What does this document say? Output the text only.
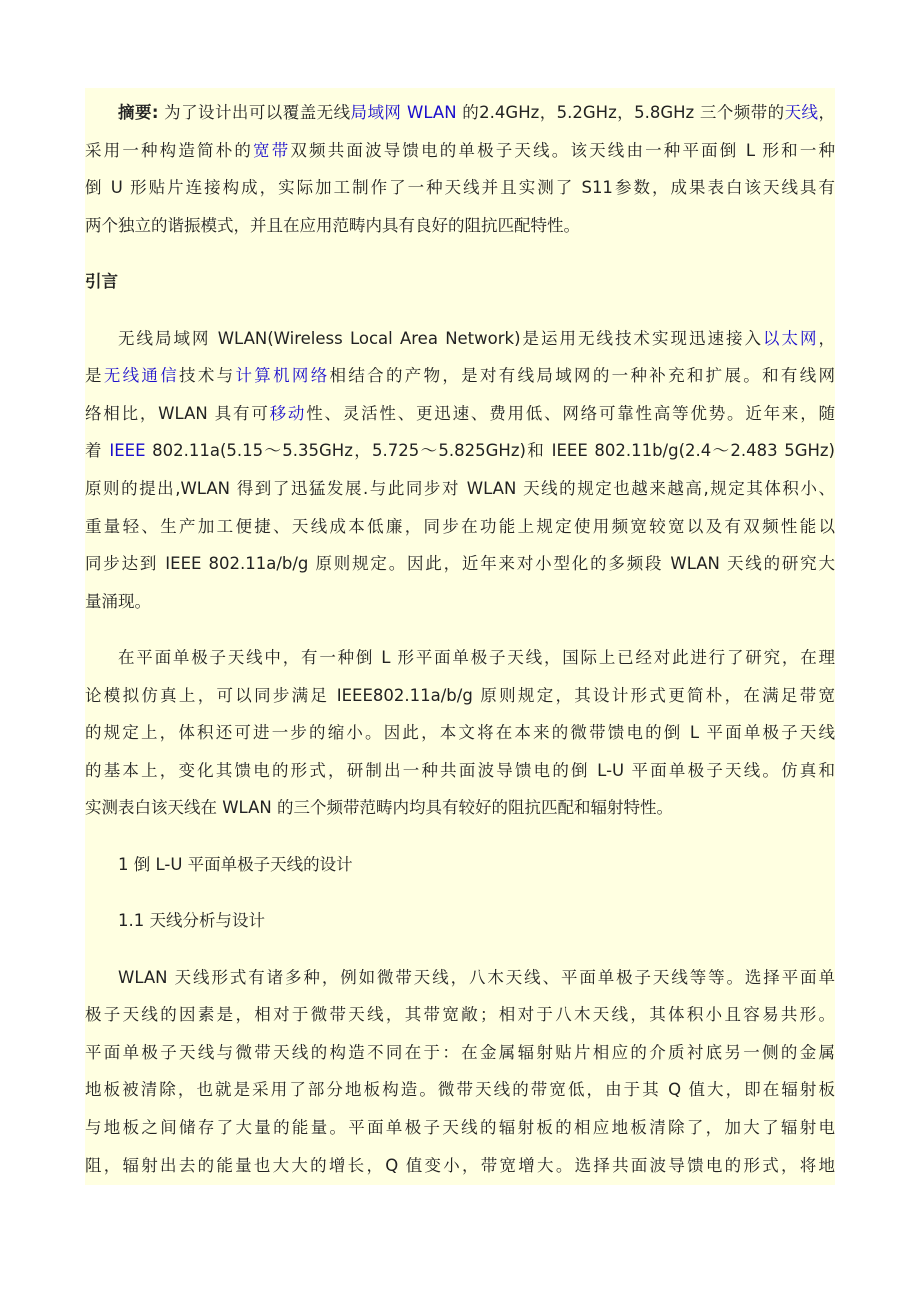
摘要: 为了设计出可以覆盖无线局域网 WLAN 的2.4GHz，5.2GHz，5.8GHz 三个频带的天线，
采用一种构造简朴的宽带双频共面波导馈电的单极子天线。该天线由一种平面倒 L 形和一种
倒 U 形贴片连接构成，实际加工制作了一种天线并且实测了 S11参数，成果表白该天线具有
两个独立的谐振模式，并且在应用范畴内具有良好的阻抗匹配特性。
引言
无线局域网 WLAN(Wireless Local Area Network)是运用无线技术实现迅速接入以太网，
是无线通信技术与计算机网络相结合的产物，是对有线局域网的一种补充和扩展。和有线网
络相比，WLAN 具有可移动性、灵活性、更迅速、费用低、网络可靠性高等优势。近年来，随
着 IEEE 802.11a(5.15～5.35GHz，5.725～5.825GHz)和 IEEE 802.11b/g(2.4～2.483 5GHz)
原则的提出,WLAN 得到了迅猛发展.与此同步对 WLAN 天线的规定也越来越高,规定其体积小、
重量轻、生产加工便捷、天线成本低廉，同步在功能上规定使用频宽较宽以及有双频性能以
同步达到 IEEE 802.11a/b/g 原则规定。因此，近年来对小型化的多频段 WLAN 天线的研究大
量涌现。
在平面单极子天线中，有一种倒 L 形平面单极子天线，国际上已经对此进行了研究，在理
论模拟仿真上，可以同步满足 IEEE802.11a/b/g 原则规定，其设计形式更简朴，在满足带宽
的规定上，体积还可进一步的缩小。因此，本文将在本来的微带馈电的倒 L 平面单极子天线
的基本上，变化其馈电的形式，研制出一种共面波导馈电的倒 L-U 平面单极子天线。仿真和
实测表白该天线在 WLAN 的三个频带范畴内均具有较好的阻抗匹配和辐射特性。
1 倒 L-U 平面单极子天线的设计
1.1 天线分析与设计
WLAN 天线形式有诸多种，例如微带天线，八木天线、平面单极子天线等等。选择平面单
极子天线的因素是，相对于微带天线，其带宽敞；相对于八木天线，其体积小且容易共形。
平面单极子天线与微带天线的构造不同在于：在金属辐射贴片相应的介质衬底另一侧的金属
地板被清除，也就是采用了部分地板构造。微带天线的带宽低，由于其 Q 值大，即在辐射板
与地板之间储存了大量的能量。平面单极子天线的辐射板的相应地板清除了，加大了辐射电
阻，辐射出去的能量也大大的增长，Q 值变小，带宽增大。选择共面波导馈电的形式，将地
